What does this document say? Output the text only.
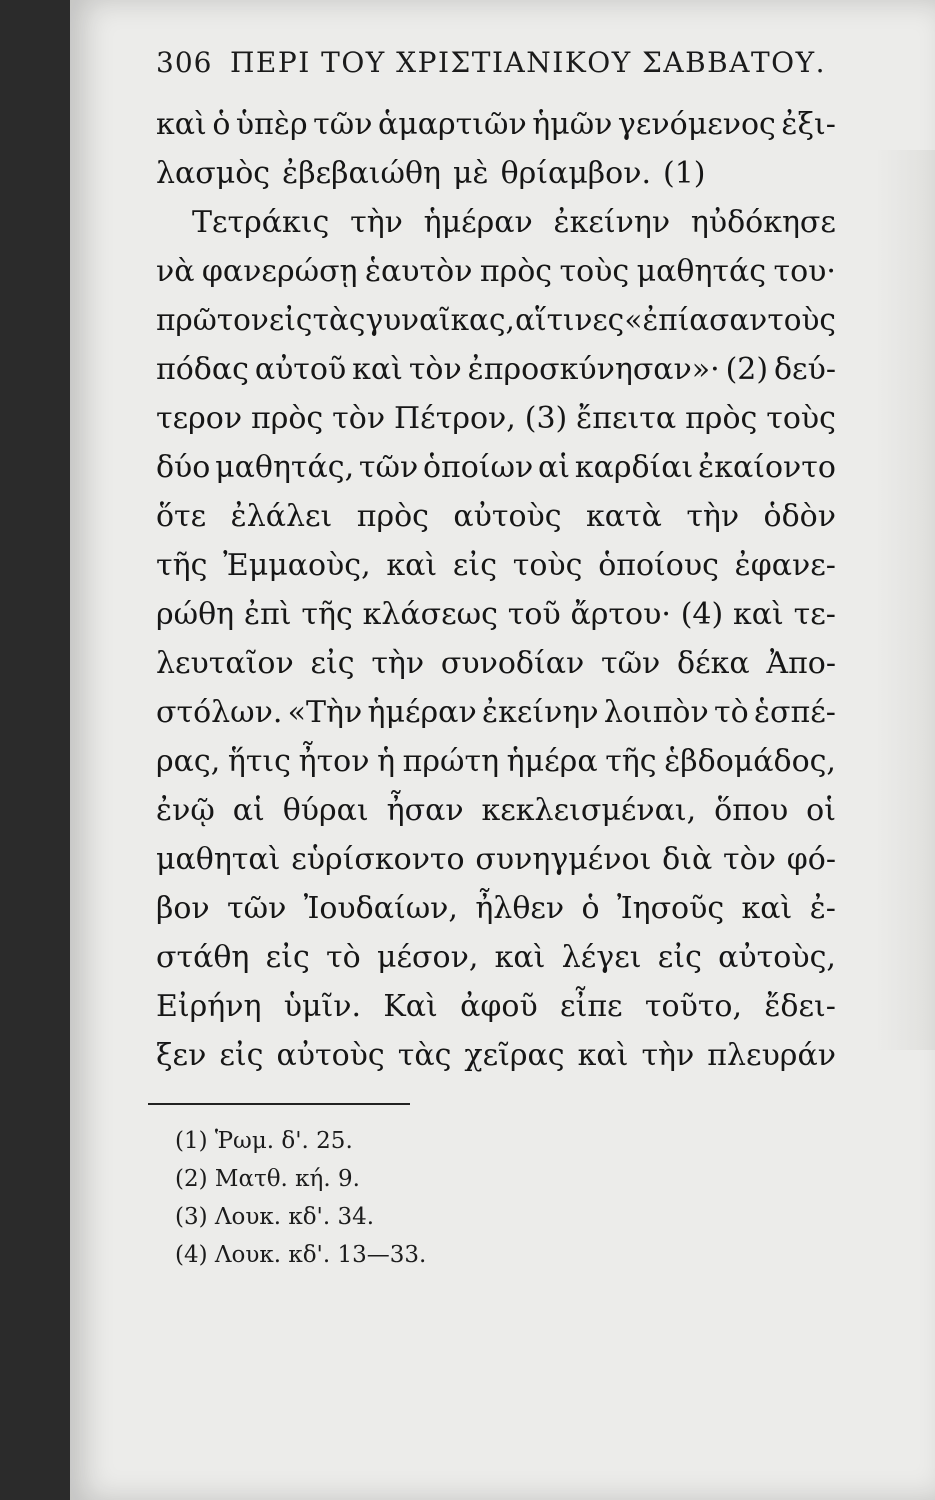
306 ΠΕΡΙ ΤΟΥ ΧΡΙΣΤΙΑΝΙΚΟΥ ΣΑΒΒΑΤΟΥ.
καὶ ὁ ὑπὲρ τῶν ἁμαρτιῶν ἡμῶν γενόμενος ἐξι-
λασμὸς ἐβεβαιώθη μὲ θρίαμβον. (1)
Τετράκις τὴν ἡμέραν ἐκείνην ηὐδόκησε
νὰ φανερώσῃ ἑαυτὸν πρὸς τοὺς μαθητάς του·
πρῶτον εἰς τὰς γυναῖκας, αἵτινες «ἐπίασαν τοὺς
πόδας αὐτοῦ καὶ τὸν ἐπροσκύνησαν»· (2) δεύ-
τερον πρὸς τὸν Πέτρον, (3) ἔπειτα πρὸς τοὺς
δύο μαθητάς, τῶν ὁποίων αἱ καρδίαι ἐκαίοντο
ὅτε ἐλάλει πρὸς αὐτοὺς κατὰ τὴν ὁδὸν
τῆς Ἐμμαοὺς, καὶ εἰς τοὺς ὁποίους ἐφανε-
ρώθη ἐπὶ τῆς κλάσεως τοῦ ἄρτου· (4) καὶ τε-
λευταῖον εἰς τὴν συνοδίαν τῶν δέκα Ἀπο-
στόλων. «Τὴν ἡμέραν ἐκείνην λοιπὸν τὸ ἑσπέ-
ρας, ἥτις ἦτον ἡ πρώτη ἡμέρα τῆς ἑβδομάδος,
ἐνῷ αἱ θύραι ἦσαν κεκλεισμέναι, ὅπου οἱ
μαθηταὶ εὑρίσκοντο συνηγμένοι διὰ τὸν φό-
βον τῶν Ἰουδαίων, ἦλθεν ὁ Ἰησοῦς καὶ ἐ-
στάθη εἰς τὸ μέσον, καὶ λέγει εἰς αὐτοὺς,
Εἰρήνη ὑμῖν. Καὶ ἀφοῦ εἶπε τοῦτο, ἔδει-
ξεν εἰς αὐτοὺς τὰς χεῖρας καὶ τὴν πλευράν
(1) Ῥωμ. δ'. 25.
(2) Ματθ. κή. 9.
(3) Λουκ. κδ'. 34.
(4) Λουκ. κδ'. 13—33.
